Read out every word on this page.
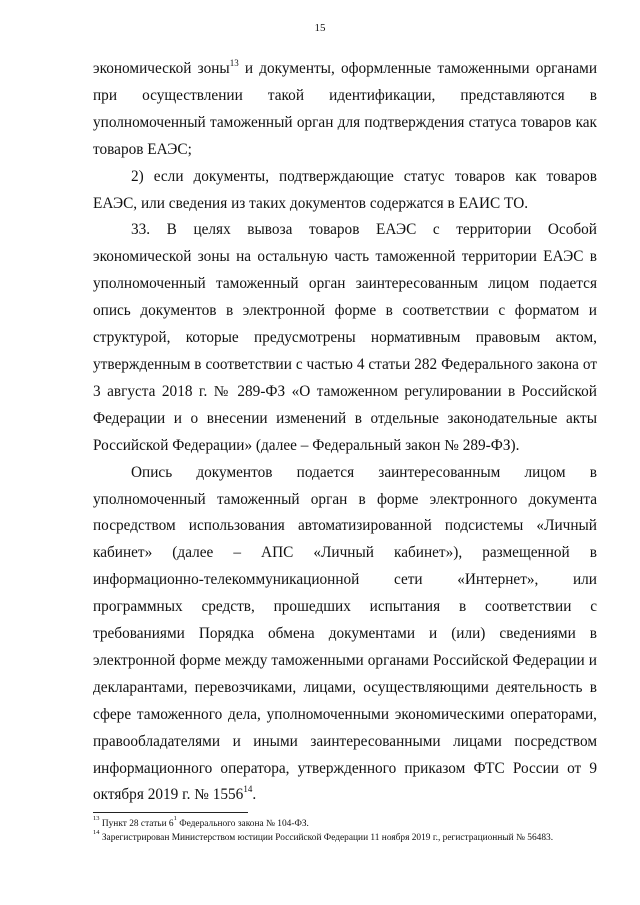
15

экономической зоны$^{13}$ и документы, оформленные таможенными органами при осуществлении такой идентификации, представляются в уполномоченный таможенный орган для подтверждения статуса товаров как товаров ЕАЭС;

2) если документы, подтверждающие статус товаров как товаров ЕАЭС, или сведения из таких документов содержатся в ЕАИС ТО.

33. В целях вывоза товаров ЕАЭС с территории Особой экономической зоны на остальную часть таможенной территории ЕАЭС в уполномоченный таможенный орган заинтересованным лицом подается опись документов в электронной форме в соответствии с форматом и структурой, которые предусмотрены нормативным правовым актом, утвержденным в соответствии с частью 4 статьи 282 Федерального закона от 3 августа 2018 г. № 289-ФЗ «О таможенном регулировании в Российской Федерации и о внесении изменений в отдельные законодательные акты Российской Федерации» (далее – Федеральный закон № 289-ФЗ).

Опись документов подается заинтересованным лицом в уполномоченный таможенный орган в форме электронного документа посредством использования автоматизированной подсистемы «Личный кабинет» (далее – АПС «Личный кабинет»), размещенной в информационно-телекоммуникационной сети «Интернет», или программных средств, прошедших испытания в соответствии с требованиями Порядка обмена документами и (или) сведениями в электронной форме между таможенными органами Российской Федерации и декларантами, перевозчиками, лицами, осуществляющими деятельность в сфере таможенного дела, уполномоченными экономическими операторами, правообладателями и иными заинтересованными лицами посредством информационного оператора, утвержденного приказом ФТС России от 9 октября 2019 г. № 1556$^{14}$.

$^{13}$ Пункт 28 статьи $6^1$ Федерального закона № 104-ФЗ.

$^{14}$ Зарегистрирован Министерством юстиции Российской Федерации 11 ноября 2019 г., регистрационный № 56483.
